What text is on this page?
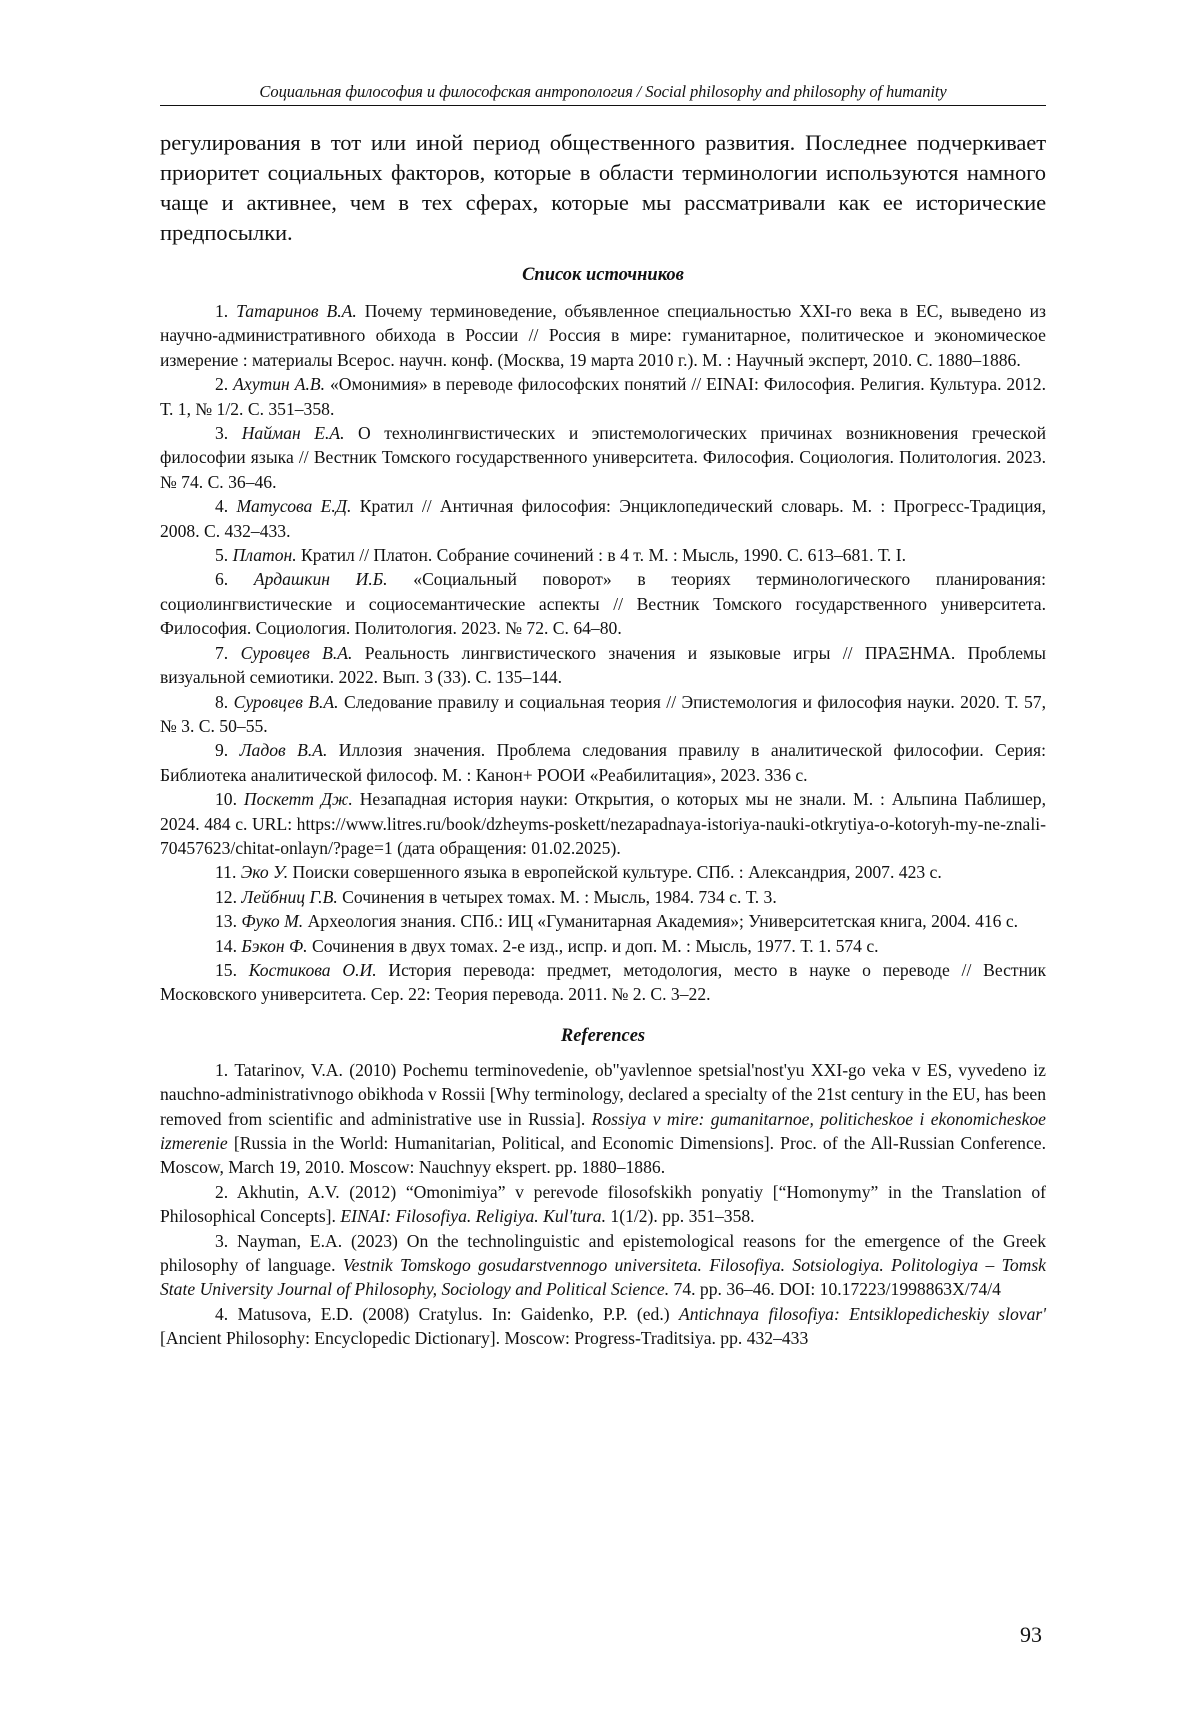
Социальная философия и философская антропология / Social philosophy and philosophy of humanity
регулирования в тот или иной период общественного развития. Последнее подчеркивает приоритет социальных факторов, которые в области терминологии используются намного чаще и активнее, чем в тех сферах, которые мы рассматривали как ее исторические предпосылки.
Список источников

1. Татаринов В.А. Почему терминоведение, объявленное специальностью XXI-го века в ЕС, выведено из научно-административного обихода в России // Россия в мире: гуманитарное, политическое и экономическое измерение : материалы Всерос. научн. конф. (Москва, 19 марта 2010 г.). М. : Научный эксперт, 2010. С. 1880–1886.

2. Ахутин А.В. «Омонимия» в переводе философских понятий // EINAI: Философия. Религия. Культура. 2012. Т. 1, № 1/2. С. 351–358.

3. Найман Е.А. О технолингвистических и эпистемологических причинах возникновения греческой философии языка // Вестник Томского государственного университета. Философия. Социология. Политология. 2023. № 74. С. 36–46.

4. Матусова Е.Д. Кратил // Античная философия: Энциклопедический словарь. М. : Прогресс-Традиция, 2008. С. 432–433.

5. Платон. Кратил // Платон. Собрание сочинений : в 4 т. М. : Мысль, 1990. С. 613–681. Т. I.

6. Ардашкин И.Б. «Социальный поворот» в теориях терминологического планирования: социолингвистические и социосемантические аспекты // Вестник Томского государственного университета. Философия. Социология. Политология. 2023. № 72. С. 64–80.

7. Суровцев В.А. Реальность лингвистического значения и языковые игры // ПΡΑΞΗΜΑ. Проблемы визуальной семиотики. 2022. Вып. 3 (33). С. 135–144.

8. Суровцев В.А. Следование правилу и социальная теория // Эпистемология и философия науки. 2020. Т. 57, № 3. С. 50–55.

9. Ладов В.А. Иллозия значения. Проблема следования правилу в аналитической философии. Серия: Библиотека аналитической философ. М. : Канон+ РООИ «Реабилитация», 2023. 336 с.

10. Поскетт Дж. Незападная история науки: Открытия, о которых мы не знали. М. : Альпина Паблишер, 2024. 484 с. URL: https://www.litres.ru/book/dzheyms-poskett/nezapadnaya-istoriya-nauki-otkrytiya-o-kotoryh-my-ne-znali-70457623/chitat-onlayn/?page=1 (дата обращения: 01.02.2025).

11. Эко У. Поиски совершенного языка в европейской культуре. СПб. : Александрия, 2007. 423 с.

12. Лейбниц Г.В. Сочинения в четырех томах. М. : Мысль, 1984. 734 с. Т. 3.

13. Фуко М. Археология знания. СПб.: ИЦ «Гуманитарная Академия»; Университетская книга, 2004. 416 с.

14. Бэкон Ф. Сочинения в двух томах. 2-е изд., испр. и доп. М. : Мысль, 1977. Т. 1. 574 с.

15. Костикова О.И. История перевода: предмет, методология, место в науке о переводе // Вестник Московского университета. Сер. 22: Теория перевода. 2011. № 2. С. 3–22.

References

1. Tatarinov, V.A. (2010) Pochemu terminovedenie, ob"yavlennoe spetsial'nost'yu XXI-go veka v ES, vyvedeno iz nauchno-administrativnogo obikhoda v Rossii [Why terminology, declared a specialty of the 21st century in the EU, has been removed from scientific and administrative use in Russia]. Rossiya v mire: gumanitarnoe, politicheskoe i ekonomicheskoe izmerenie [Russia in the World: Humanitarian, Political, and Economic Dimensions]. Proc. of the All-Russian Conference. Moscow, March 19, 2010. Moscow: Nauchnyy ekspert. pp. 1880–1886.

2. Akhutin, A.V. (2012) “Omonimiya” v perevode filosofskikh ponyatiy [“Homonymy” in the Translation of Philosophical Concepts]. EINAI: Filosofiya. Religiya. Kul'tura. 1(1/2). pp. 351–358.

3. Nayman, E.A. (2023) On the technolinguistic and epistemological reasons for the emergence of the Greek philosophy of language. Vestnik Tomskogo gosudarstvennogo universiteta. Filosofiya. Sotsiologiya. Politologiya – Tomsk State University Journal of Philosophy, Sociology and Political Science. 74. pp. 36–46. DOI: 10.17223/1998863X/74/4

4. Matusova, E.D. (2008) Cratylus. In: Gaidenko, P.P. (ed.) Antichnaya filosofiya: Entsiklopedicheskiy slovar' [Ancient Philosophy: Encyclopedic Dictionary]. Moscow: Progress-Traditsiya. pp. 432–433

93
